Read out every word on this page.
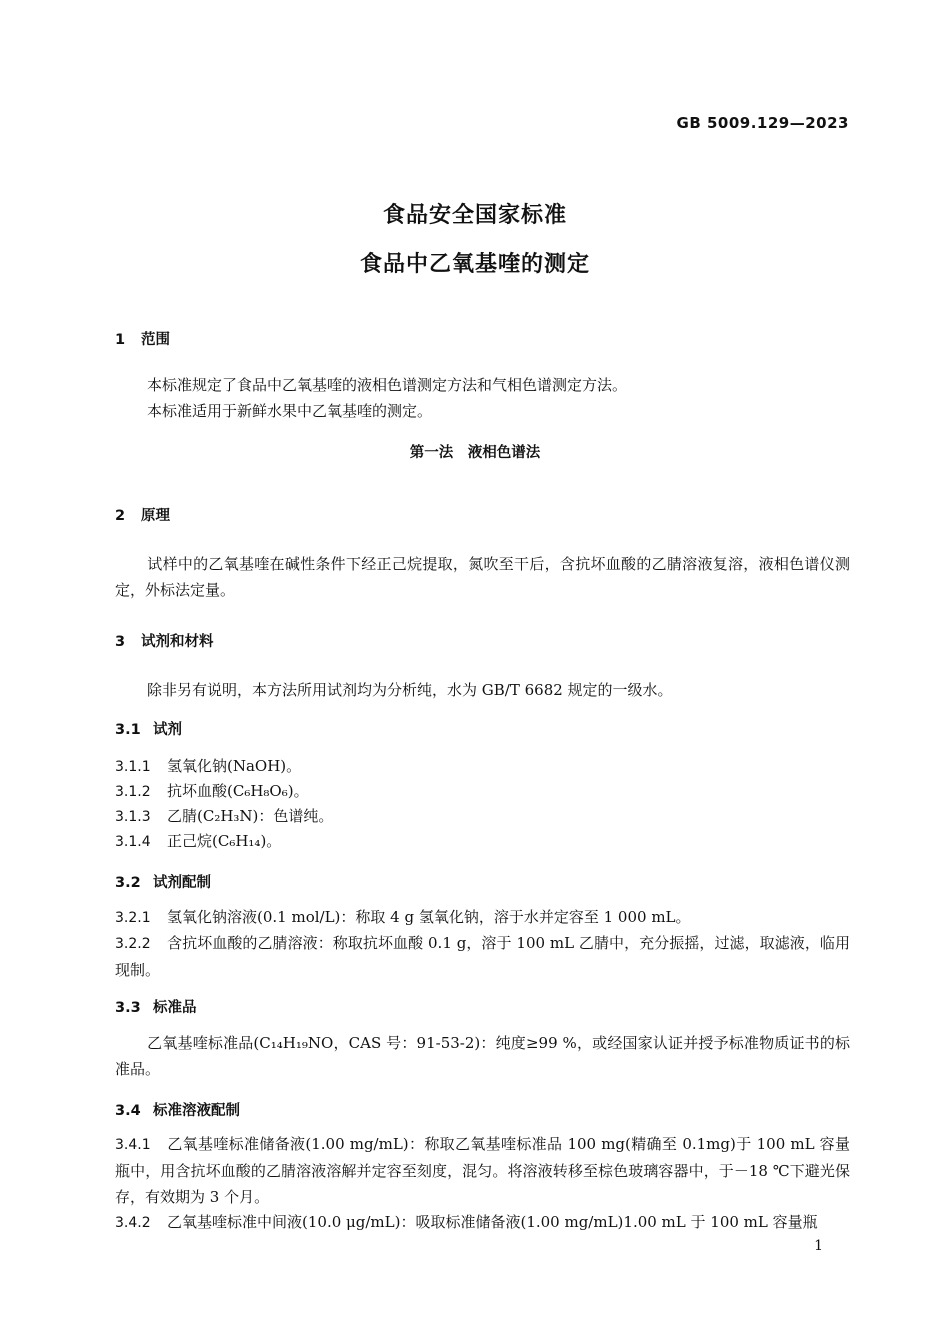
GB 5009.129—2023
食品安全国家标准
食品中乙氧基喹的测定
1 范围
本标准规定了食品中乙氧基喹的液相色谱测定方法和气相色谱测定方法。
本标准适用于新鲜水果中乙氧基喹的测定。
第一法　液相色谱法
2 原理
试样中的乙氧基喹在碱性条件下经正己烷提取，氮吹至干后，含抗坏血酸的乙腈溶液复溶，液相色谱仪测定，外标法定量。
3 试剂和材料
除非另有说明，本方法所用试剂均为分析纯，水为 GB/T 6682 规定的一级水。
3.1 试剂
3.1.1 氢氧化钠(NaOH)。
3.1.2 抗坏血酸(C₆H₈O₆)。
3.1.3 乙腈(C₂H₃N)：色谱纯。
3.1.4 正己烷(C₆H₁₄)。
3.2 试剂配制
3.2.1 氢氧化钠溶液(0.1 mol/L)：称取 4 g 氢氧化钠，溶于水并定容至 1 000 mL。
3.2.2 含抗坏血酸的乙腈溶液：称取抗坏血酸 0.1 g，溶于 100 mL 乙腈中，充分振摇，过滤，取滤液，临用现制。
3.3 标准品
乙氧基喹标准品(C₁₄H₁₉NO，CAS 号：91-53-2)：纯度≥99 %，或经国家认证并授予标准物质证书的标准品。
3.4 标准溶液配制
3.4.1 乙氧基喹标准储备液(1.00 mg/mL)：称取乙氧基喹标准品 100 mg(精确至 0.1mg)于 100 mL 容量瓶中，用含抗坏血酸的乙腈溶液溶解并定容至刻度，混匀。将溶液转移至棕色玻璃容器中，于－18 ℃下避光保存，有效期为 3 个月。
3.4.2 乙氧基喹标准中间液(10.0 μg/mL)：吸取标准储备液(1.00 mg/mL)1.00 mL 于 100 mL 容量瓶
1
